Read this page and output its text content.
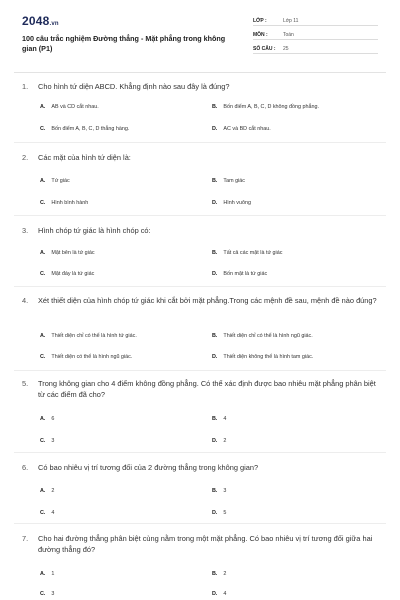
2048.vn
100 câu trắc nghiệm Đường thẳng - Mặt phẳng trong không gian (P1)
LỚP :	Lớp 11
MÔN :	Toán
SỐ CÂU : 25
1. Cho hình tứ diện ABCD. Khẳng định nào sau đây là đúng?
A. AB và CD cắt nhau.	B. Bốn điểm A, B, C, D không đồng phẳng.
C. Bốn điểm A, B, C, D thẳng hàng.	D. AC và BD cắt nhau.
2. Các mặt của hình tứ diện là:
A. Tứ giác	B. Tam giác
C. Hình bình hành	D. Hình vuông
3. Hình chóp tứ giác là hình chóp có:
A. Mặt bên là tứ giác	B. Tất cả các mặt là tứ giác
C. Mặt đáy là tứ giác	D. Bốn mặt là tứ giác
4. Xét thiết diện của hình chóp tứ giác khi cắt bởi mặt phẳng.Trong các mệnh đề sau, mệnh đề nào đúng?
A. Thiết diện chỉ có thể là hình tứ giác.	B. Thiết diện chỉ có thể là hình ngũ giác.
C. Thiết diện có thể là hình ngũ giác.	D. Thiết diện không thể là hình tam giác.
5. Trong không gian cho 4 điểm không đồng phẳng. Có thể xác định được bao nhiêu mặt phẳng phân biệt từ các điểm đã cho?
A. 6	B. 4
C. 3	D. 2
6. Có bao nhiêu vị trí tương đối của 2 đường thẳng trong không gian?
A. 2	B. 3
C. 4	D. 5
7. Cho hai đường thẳng phân biệt cùng nằm trong một mặt phẳng. Có bao nhiêu vị trí tương đối giữa hai đường thẳng đó?
A. 1	B. 2
C. 3	D. 4
